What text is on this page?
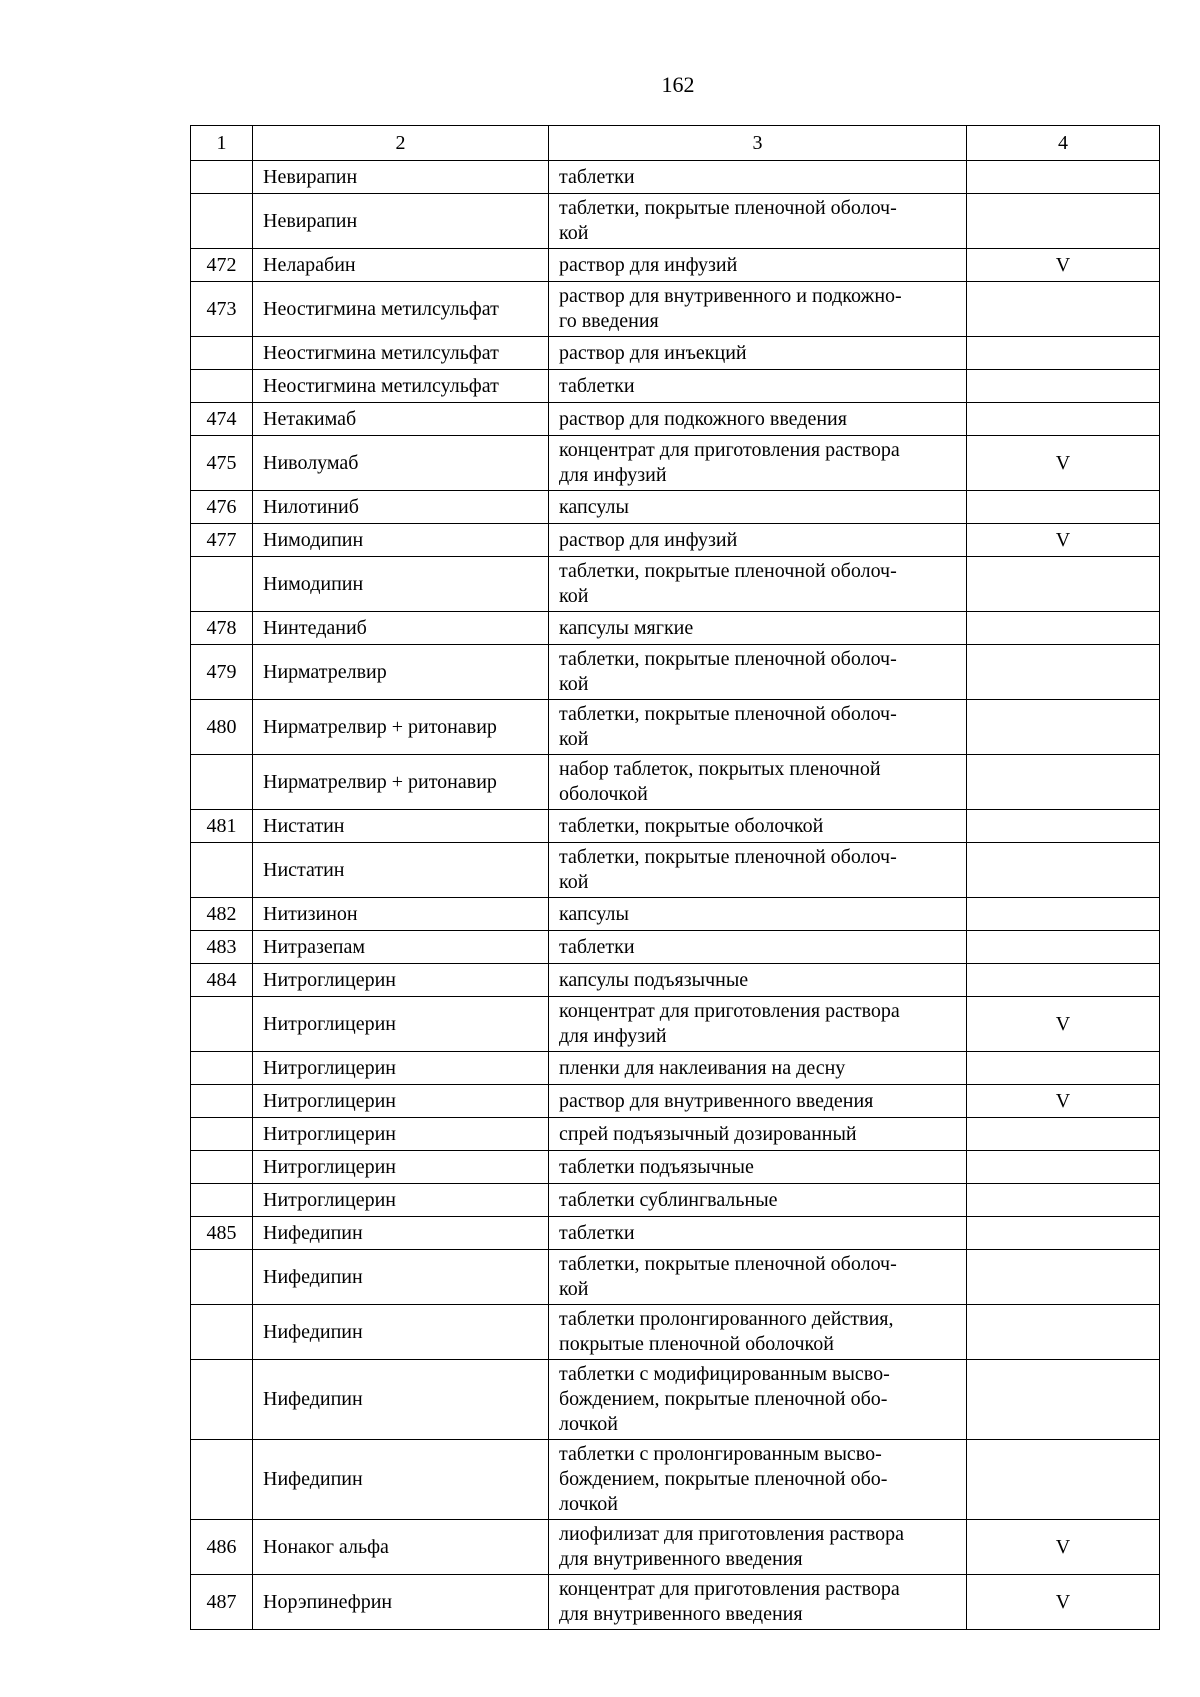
162
1	2	3	4
	Невирапин	таблетки	
	Невирапин	таблетки, покрытые пленочной оболоч-
кой	
472	Неларабин	раствор для инфузий	V
473	Неостигмина метилсульфат	раствор для внутривенного и подкожно-
го введения	
	Неостигмина метилсульфат	раствор для инъекций	
	Неостигмина метилсульфат	таблетки	
474	Нетакимаб	раствор для подкожного введения	
475	Ниволумаб	концентрат для приготовления раствора
для инфузий	V
476	Нилотиниб	капсулы	
477	Нимодипин	раствор для инфузий	V
	Нимодипин	таблетки, покрытые пленочной оболоч-
кой	
478	Нинтеданиб	капсулы мягкие	
479	Нирматрелвир	таблетки, покрытые пленочной оболоч-
кой	
480	Нирматрелвир + ритонавир	таблетки, покрытые пленочной оболоч-
кой	
	Нирматрелвир + ритонавир	набор таблеток, покрытых пленочной
оболочкой	
481	Нистатин	таблетки, покрытые оболочкой	
	Нистатин	таблетки, покрытые пленочной оболоч-
кой	
482	Нитизинон	капсулы	
483	Нитразепам	таблетки	
484	Нитроглицерин	капсулы подъязычные	
	Нитроглицерин	концентрат для приготовления раствора
для инфузий	V
	Нитроглицерин	пленки для наклеивания на десну	
	Нитроглицерин	раствор для внутривенного введения	V
	Нитроглицерин	спрей подъязычный дозированный	
	Нитроглицерин	таблетки подъязычные	
	Нитроглицерин	таблетки сублингвальные	
485	Нифедипин	таблетки	
	Нифедипин	таблетки, покрытые пленочной оболоч-
кой	
	Нифедипин	таблетки пролонгированного действия,
покрытые пленочной оболочкой	
	Нифедипин	таблетки с модифицированным высво-
бождением, покрытые пленочной обо-
лочкой	
	Нифедипин	таблетки с пролонгированным высво-
бождением, покрытые пленочной обо-
лочкой	
486	Нонаког альфа	лиофилизат для приготовления раствора
для внутривенного введения	V
487	Норэпинефрин	концентрат для приготовления раствора
для внутривенного введения	V
